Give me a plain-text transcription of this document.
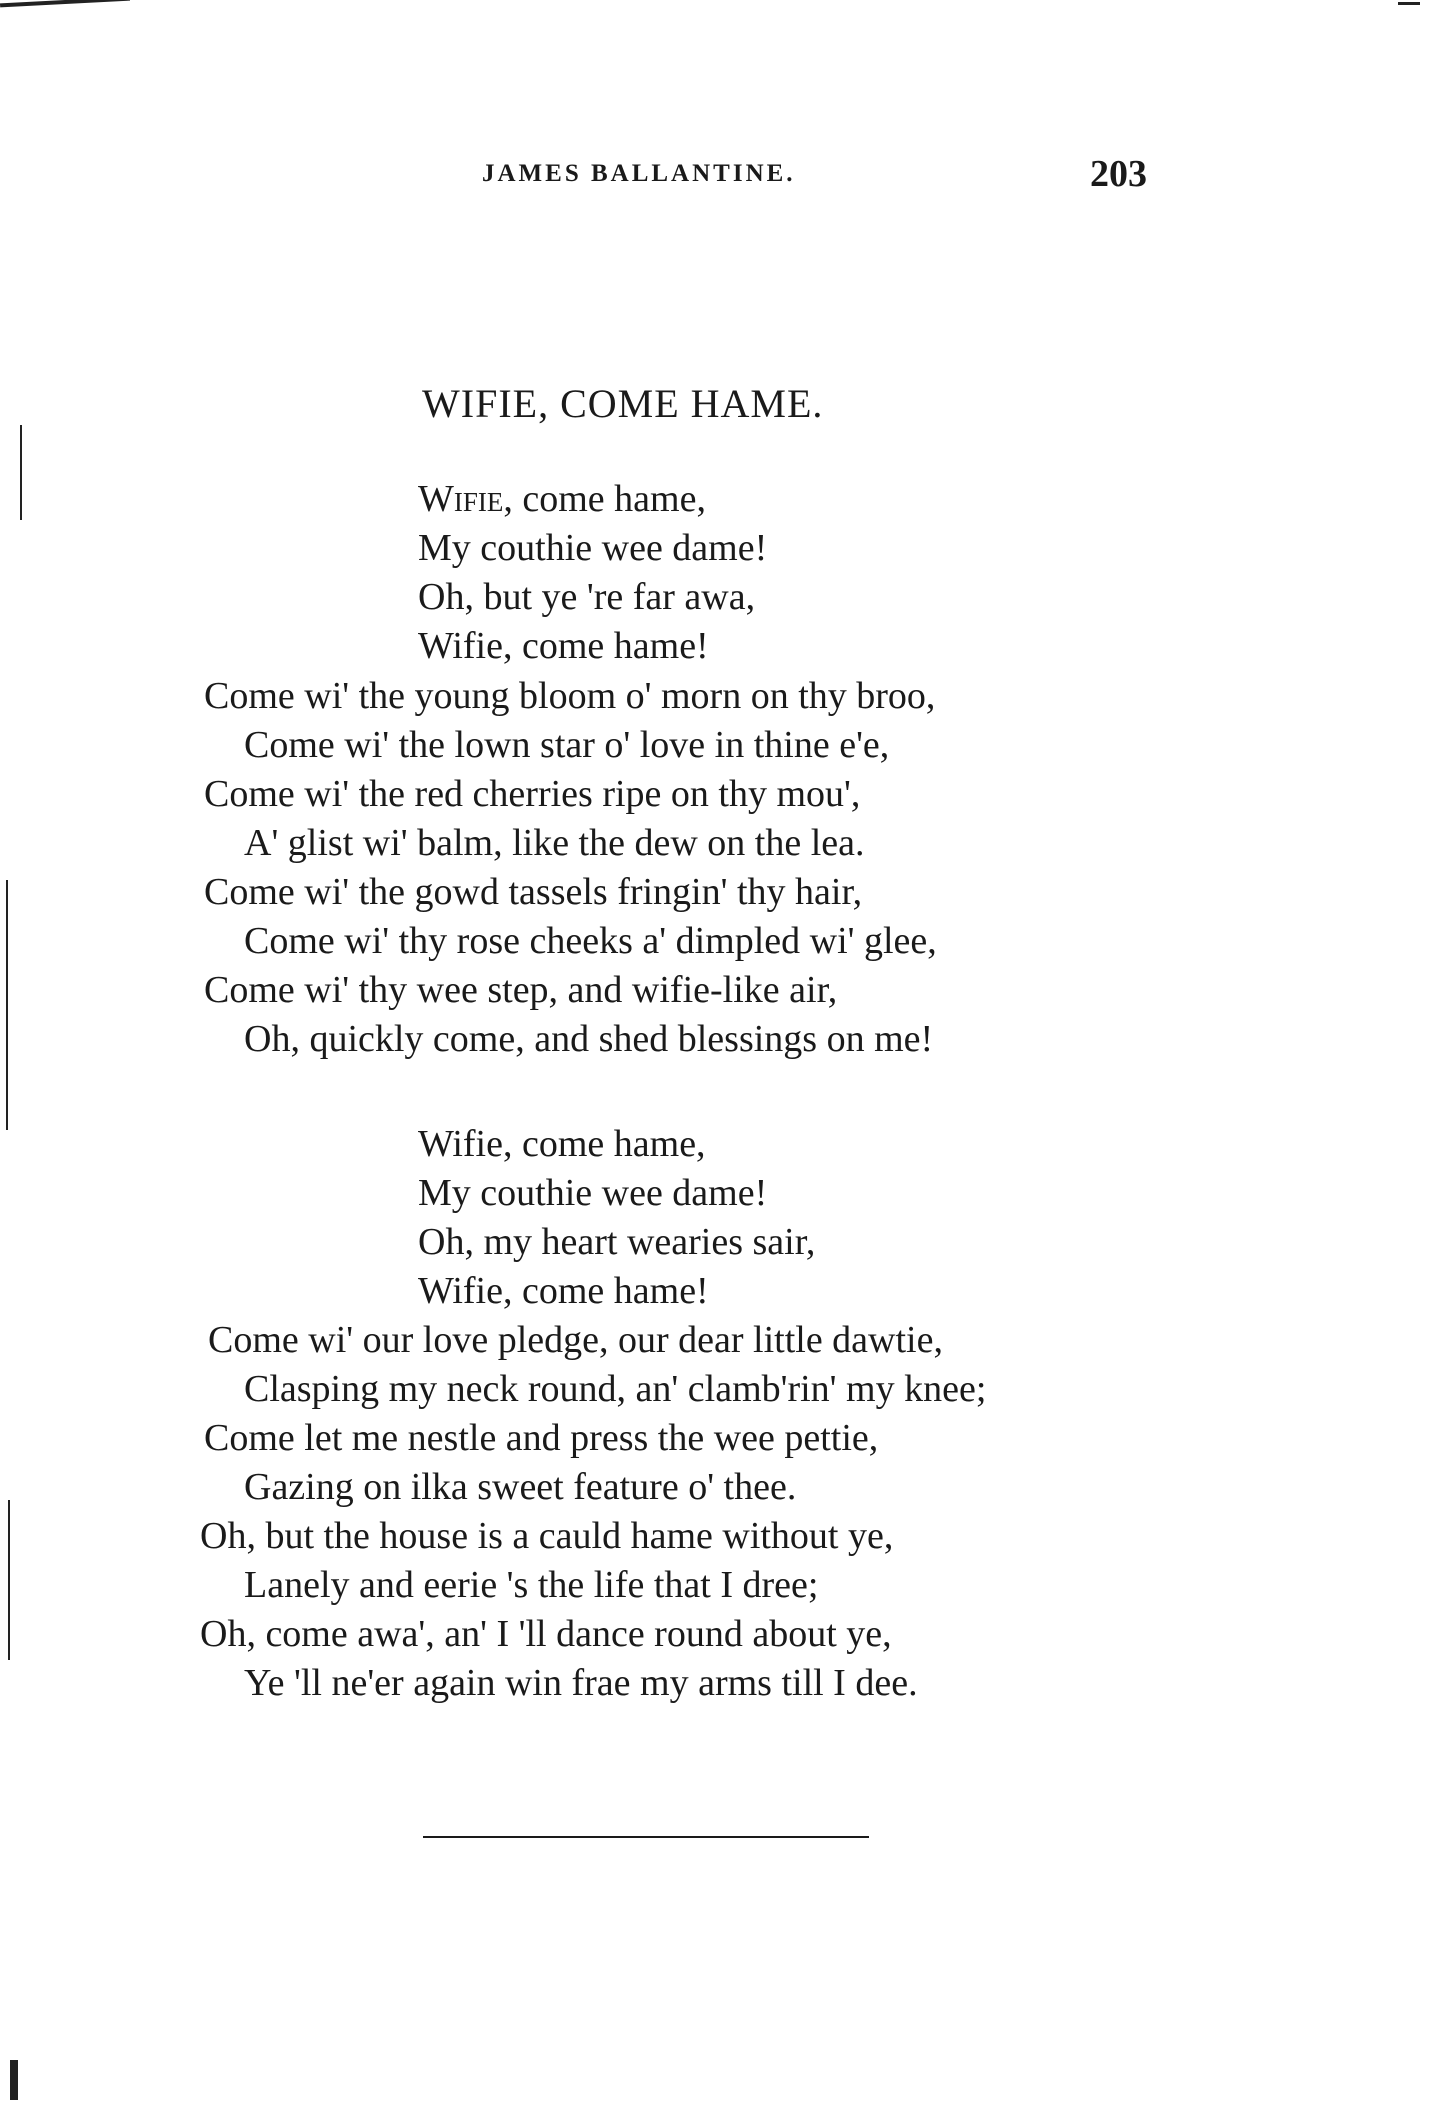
JAMES BALLANTINE.	203
WIFIE, COME HAME.
Wifie, come hame,
My couthie wee dame!
Oh, but ye 're far awa,
Wifie, come hame!
Come wi' the young bloom o' morn on thy broo,
Come wi' the lown star o' love in thine e'e,
Come wi' the red cherries ripe on thy mou',
A' glist wi' balm, like the dew on the lea.
Come wi' the gowd tassels fringin' thy hair,
Come wi' thy rose cheeks a' dimpled wi' glee,
Come wi' thy wee step, and wifie-like air,
Oh, quickly come, and shed blessings on me!
Wifie, come hame,
My couthie wee dame!
Oh, my heart wearies sair,
Wifie, come hame!
Come wi' our love pledge, our dear little dawtie,
Clasping my neck round, an' clamb'rin' my knee;
Come let me nestle and press the wee pettie,
Gazing on ilka sweet feature o' thee.
Oh, but the house is a cauld hame without ye,
Lanely and eerie 's the life that I dree;
Oh, come awa', an' I 'll dance round about ye,
Ye 'll ne'er again win frae my arms till I dee.
